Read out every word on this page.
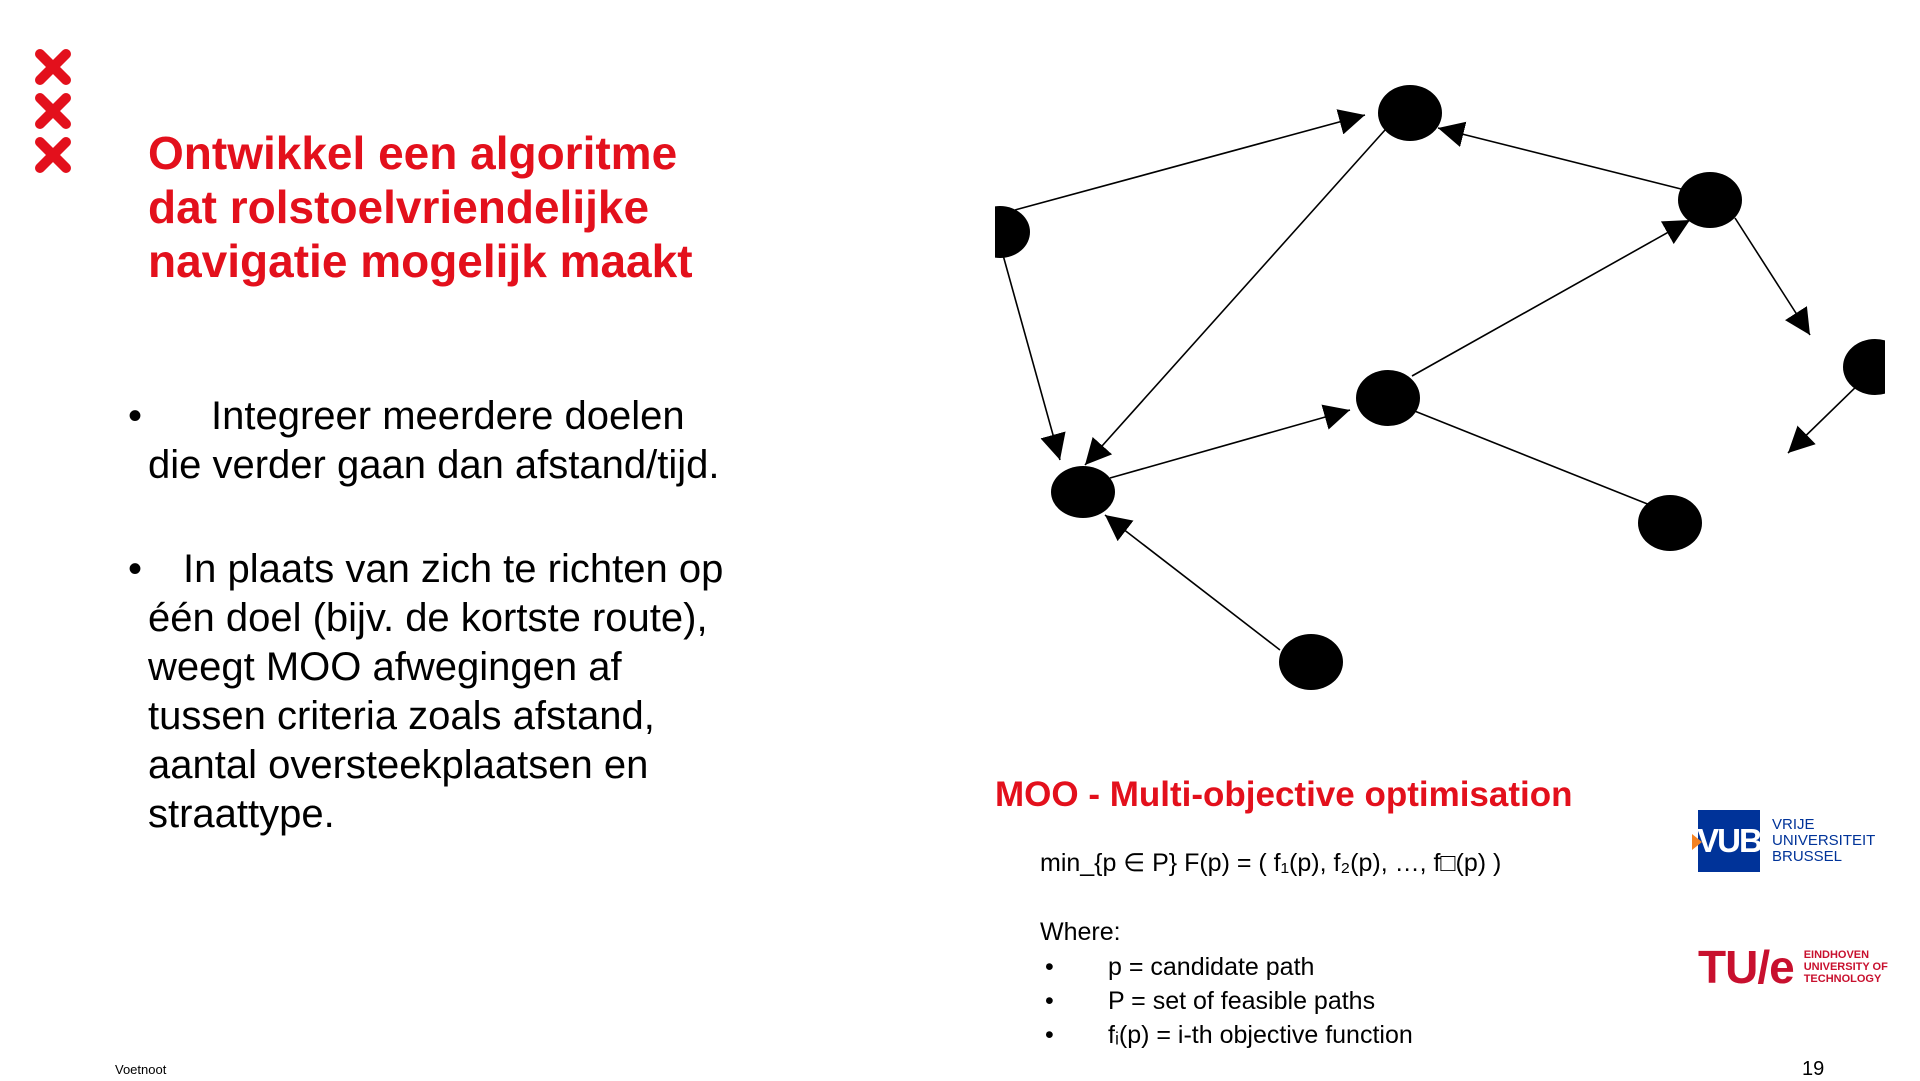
Ontwikkel een algoritme
dat rolstoelvriendelijke
navigatie mogelijk maakt

• Integreer meerdere doelen die verder gaan dan afstand/tijd.

• In plaats van zich te richten op één doel (bijv. de kortste route), weegt MOO afwegingen af tussen criteria zoals afstand, aantal oversteekplaatsen en straattype.	MOO - Multi-objective optimisation
min_{p ∈ P} F(p) = ( f₁(p), f₂(p), …, f□(p) )
Where:
• p = candidate path
• P = set of feasible paths
• fᵢ(p) = i-th objective function
VUB VRIJE
UNIVERSITEIT
BRUSSEL
TU/e EINDHOVEN
UNIVERSITY OF
TECHNOLOGY
Voetnoot	19
